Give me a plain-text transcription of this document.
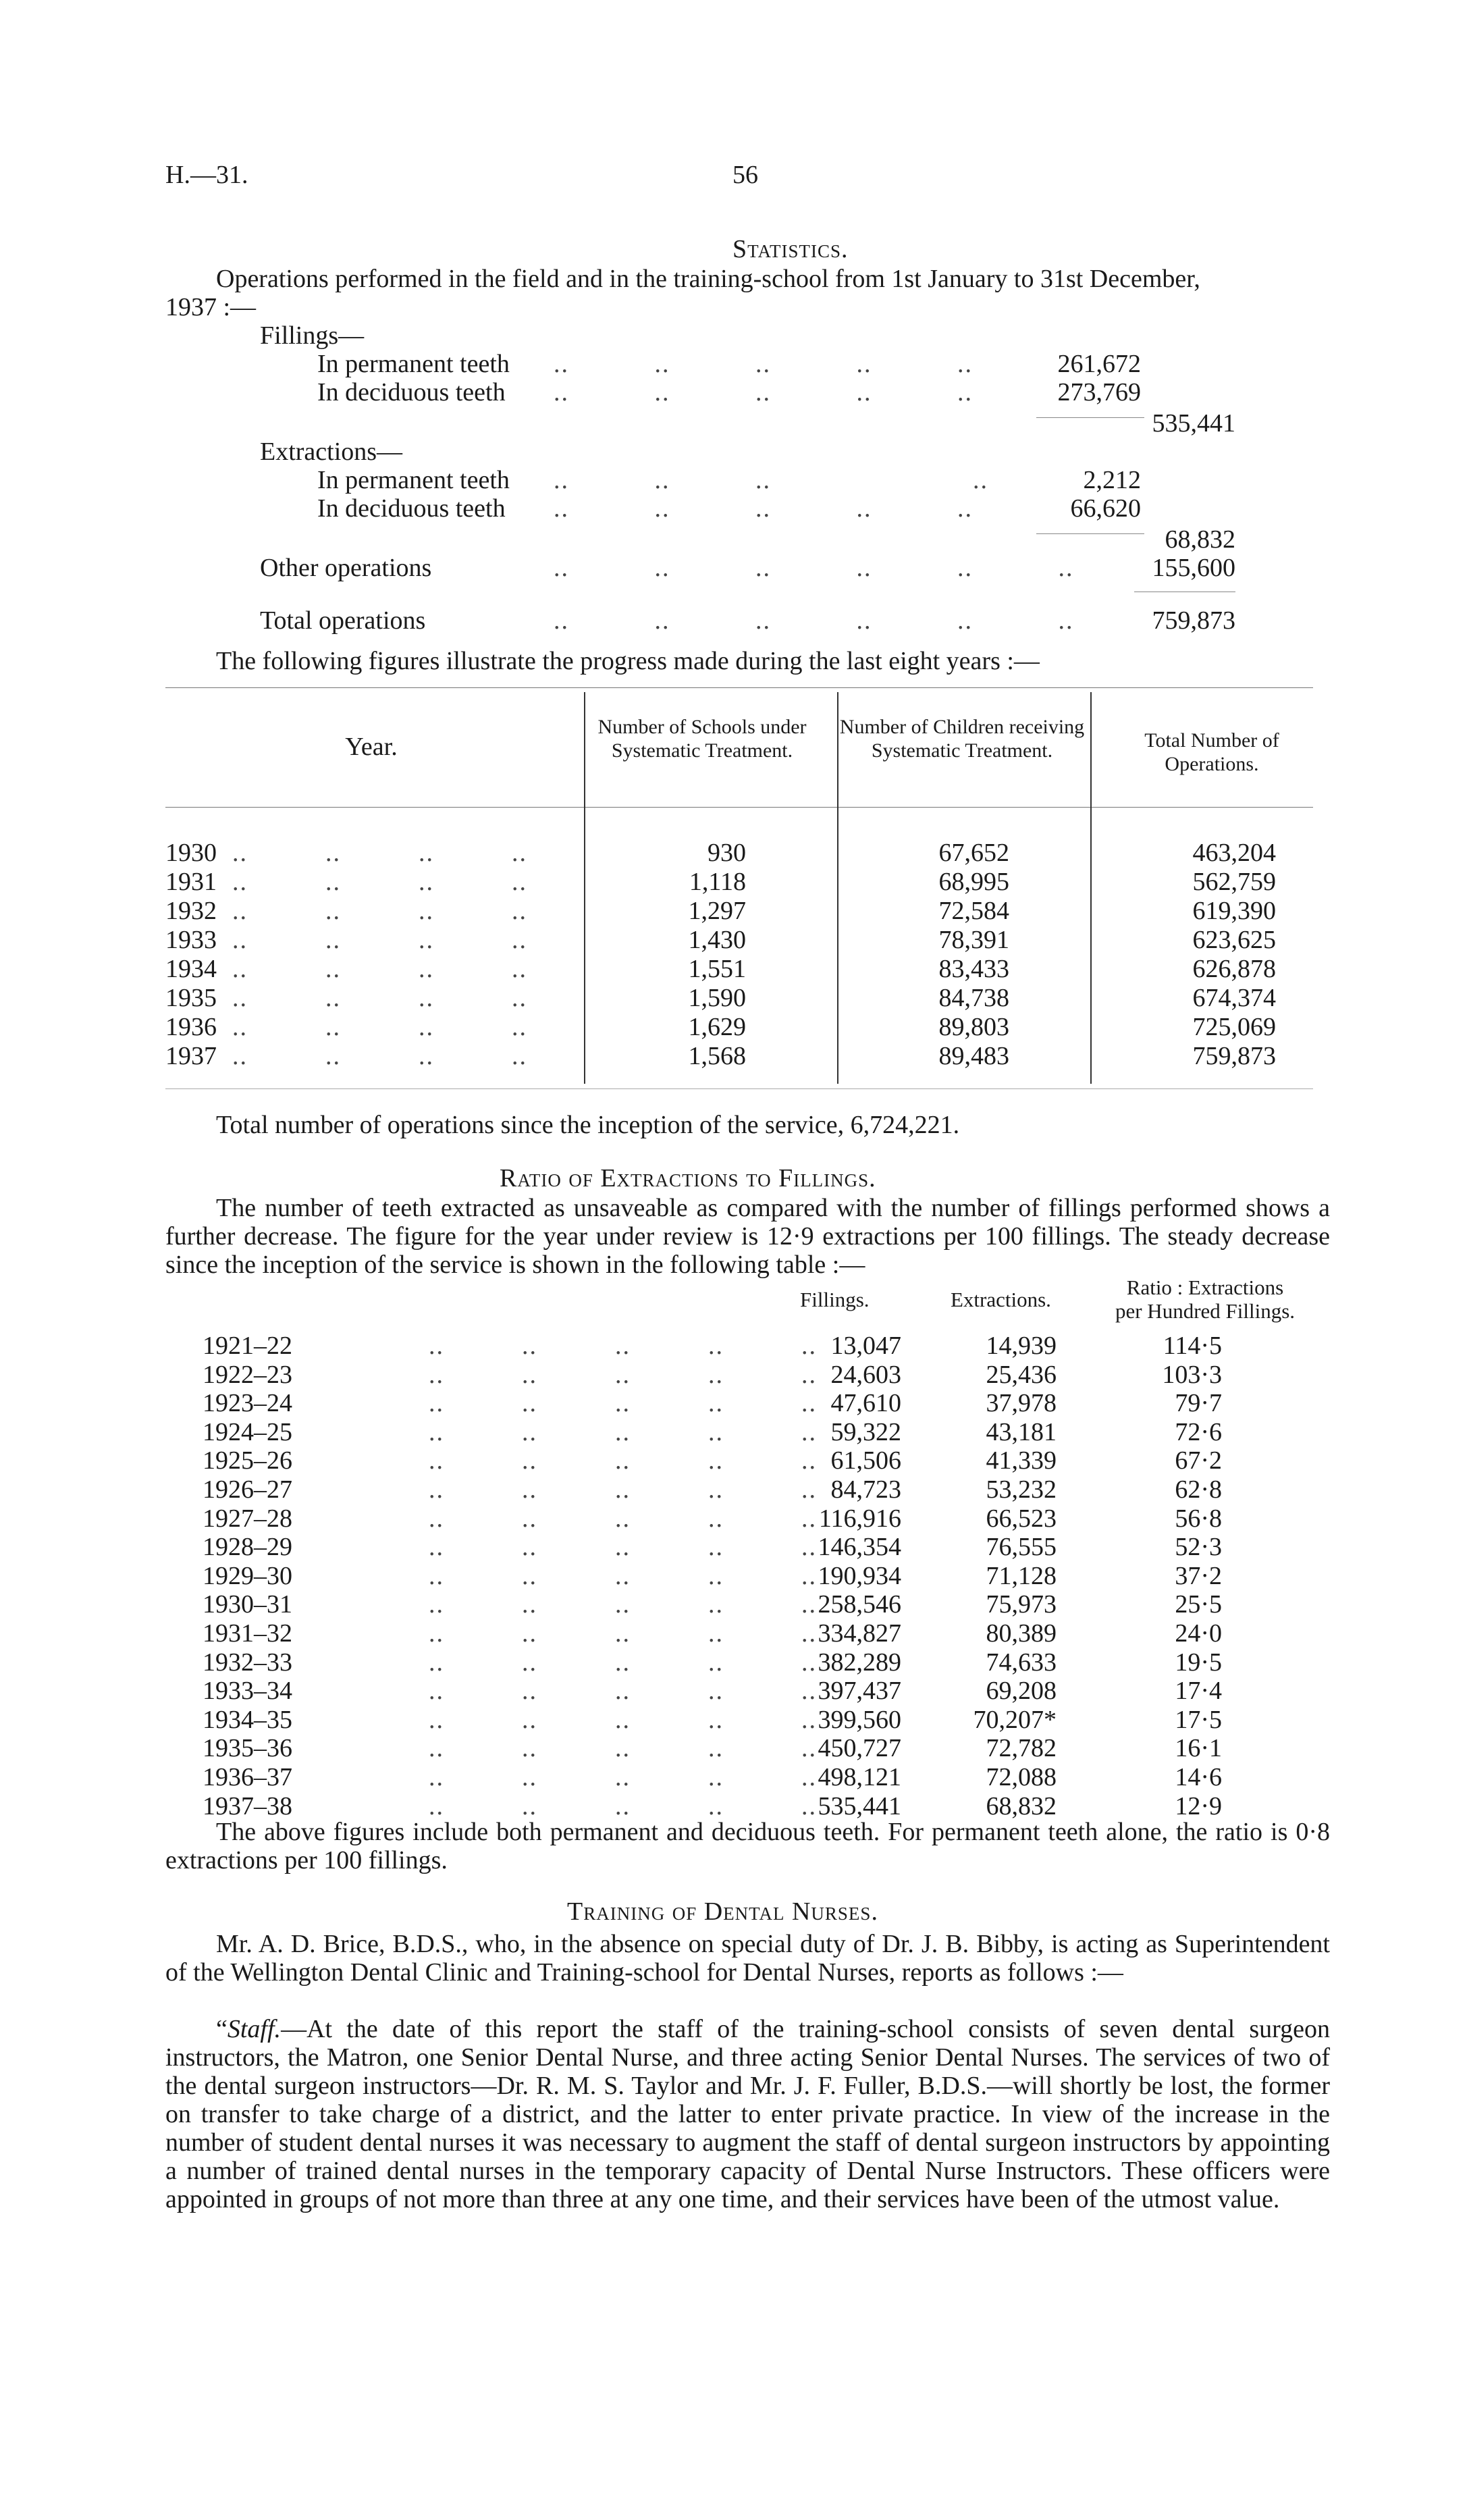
H.—31.	56
Statistics.
Operations performed in the field and in the training-school from 1st January to 31st December,
1937 :—
Fillings—
In permanent teeth ..           ..           ..           ..           ..	261,672
In deciduous teeth ..           ..           ..           ..           ..	273,769
535,441
Extractions—
In permanent teeth ..           ..           ..                          ..	2,212
In deciduous teeth ..           ..           ..           ..           ..	66,620
68,832
Other operations	..           ..           ..           ..           ..           ..	155,600
Total operations	..           ..           ..           ..           ..           ..	759,873
The following figures illustrate the progress made during the last eight years :—
Year.
Number of Schools under Systematic Treatment.
Number of Children receiving Systematic Treatment.	Total Number of Operations.
1930  ..          ..          ..          ..	930	67,652	463,204
1931  ..          ..          ..          ..	1,118	68,995	562,759
1932  ..          ..          ..          ..	1,297	72,584	619,390
1933  ..          ..          ..          ..	1,430	78,391	623,625
1934  ..          ..          ..          ..	1,551	83,433	626,878
1935  ..          ..          ..          ..	1,590	84,738	674,374
1936  ..          ..          ..          ..	1,629	89,803	725,069
1937  ..          ..          ..          ..	1,568	89,483	759,873
Total number of operations since the inception of the service, 6,724,221.
Ratio of Extractions to Fillings.
The number of teeth extracted as unsaveable as compared with the number of fillings performed shows a further decrease. The figure for the year under review is 12·9 extractions per 100 fillings. The steady decrease since the inception of the service is shown in the following table :—
Fillings.	Extractions.
Ratio : Extractions
per Hundred Fillings.
1921–22	..          ..          ..          ..          .. 13,047	14,939	114·5
1922–23	..          ..          ..          ..          .. 24,603	25,436	103·3
1923–24	..          ..          ..          ..          .. 47,610	37,978	79·7
1924–25	..          ..          ..          ..          .. 59,322	43,181	72·6
1925–26	..          ..          ..          ..          .. 61,506	41,339	67·2
1926–27	..          ..          ..          ..          .. 84,723	53,232	62·8
1927–28	..          ..          ..          ..          .. 116,916	66,523	56·8
1928–29	..          ..          ..          ..          .. 146,354	76,555	52·3
1929–30	..          ..          ..          ..          .. 190,934	71,128	37·2
1930–31	..          ..          ..          ..          .. 258,546	75,973	25·5
1931–32	..          ..          ..          ..          .. 334,827	80,389	24·0
1932–33	..          ..          ..          ..          .. 382,289	74,633	19·5
1933–34	..          ..          ..          ..          .. 397,437	69,208	17·4
1934–35	..          ..          ..          ..          .. 399,560	70,207*	17·5
1935–36	..          ..          ..          ..          .. 450,727	72,782	16·1
1936–37	..          ..          ..          ..          .. 498,121	72,088	14·6
1937–38	..          ..          ..          ..          .. 535,441	68,832	12·9
The above figures include both permanent and deciduous teeth. For permanent teeth alone, the ratio is 0·8 extractions per 100 fillings.
Training of Dental Nurses.
Mr. A. D. Brice, B.D.S., who, in the absence on special duty of Dr. J. B. Bibby, is acting as Superintendent of the Wellington Dental Clinic and Training-school for Dental Nurses, reports as follows :—
“Staff.—At the date of this report the staff of the training-school consists of seven dental surgeon instructors, the Matron, one Senior Dental Nurse, and three acting Senior Dental Nurses. The services of two of the dental surgeon instructors—Dr. R. M. S. Taylor and Mr. J. F. Fuller, B.D.S.—will shortly be lost, the former on transfer to take charge of a district, and the latter to enter private practice. In view of the increase in the number of student dental nurses it was necessary to augment the staff of dental surgeon instructors by appointing a number of trained dental nurses in the temporary capacity of Dental Nurse Instructors. These officers were appointed in groups of not more than three at any one time, and their services have been of the utmost value.
